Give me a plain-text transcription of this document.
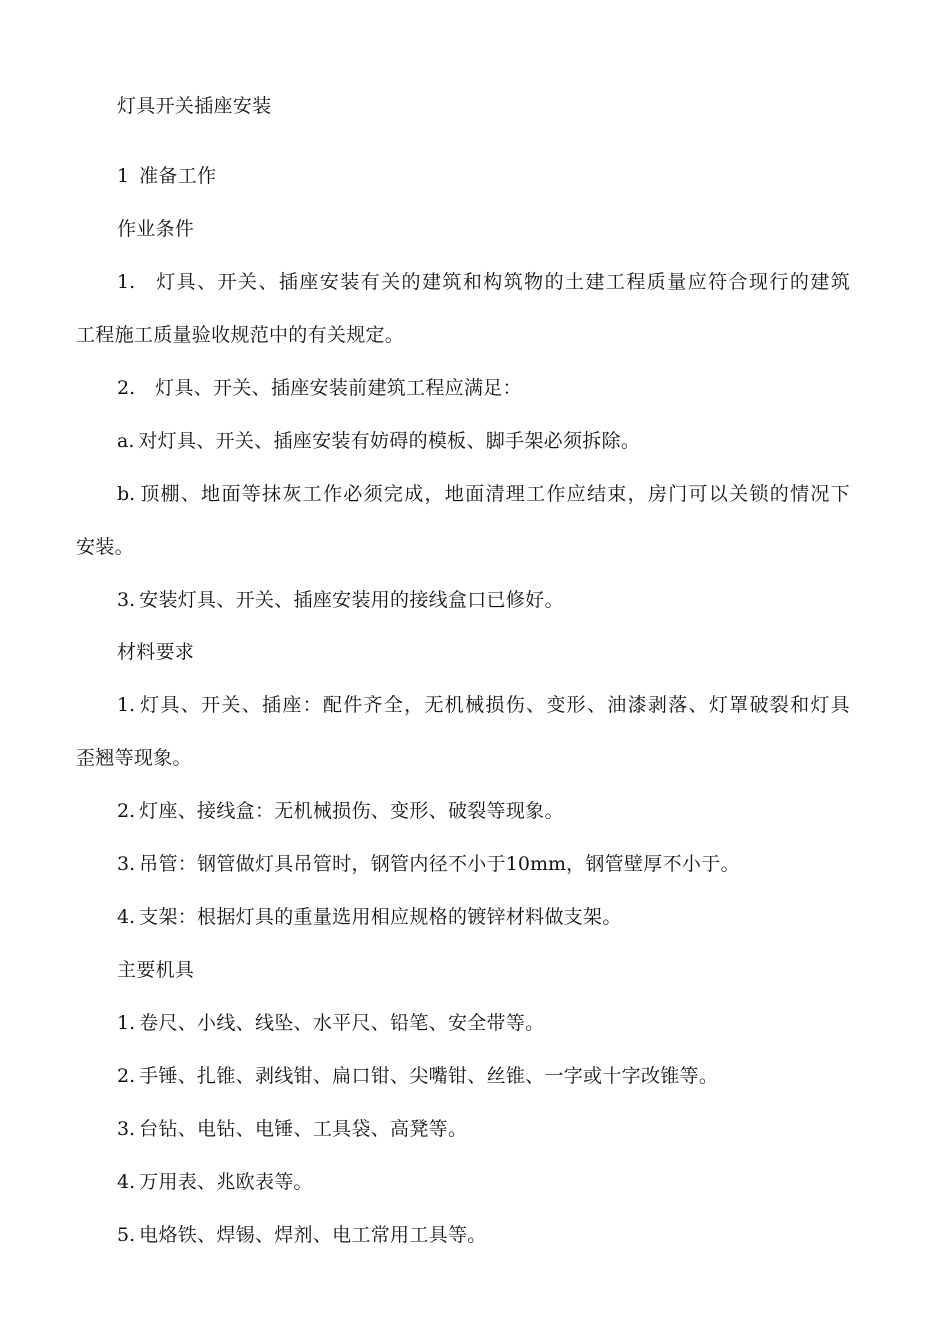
灯具开关插座安装
1 准备工作
作业条件
1. 灯具、开关、插座安装有关的建筑和构筑物的土建工程质量应符合现行的建筑
工程施工质量验收规范中的有关规定。
2. 灯具、开关、插座安装前建筑工程应满足：
a. 对灯具、开关、插座安装有妨碍的模板、脚手架必须拆除。
b. 顶棚、地面等抹灰工作必须完成，地面清理工作应结束，房门可以关锁的情况下
安装。
3. 安装灯具、开关、插座安装用的接线盒口已修好。
材料要求
1. 灯具、开关、插座：配件齐全，无机械损伤、变形、油漆剥落、灯罩破裂和灯具
歪翘等现象。
2. 灯座、接线盒：无机械损伤、变形、破裂等现象。
3. 吊管：钢管做灯具吊管时，钢管内径不小于10mm，钢管壁厚不小于。
4. 支架：根据灯具的重量选用相应规格的镀锌材料做支架。
主要机具
1. 卷尺、小线、线坠、水平尺、铅笔、安全带等。
2. 手锤、扎锥、剥线钳、扁口钳、尖嘴钳、丝锥、一字或十字改锥等。
3. 台钻、电钻、电锤、工具袋、高凳等。
4. 万用表、兆欧表等。
5. 电烙铁、焊锡、焊剂、电工常用工具等。
